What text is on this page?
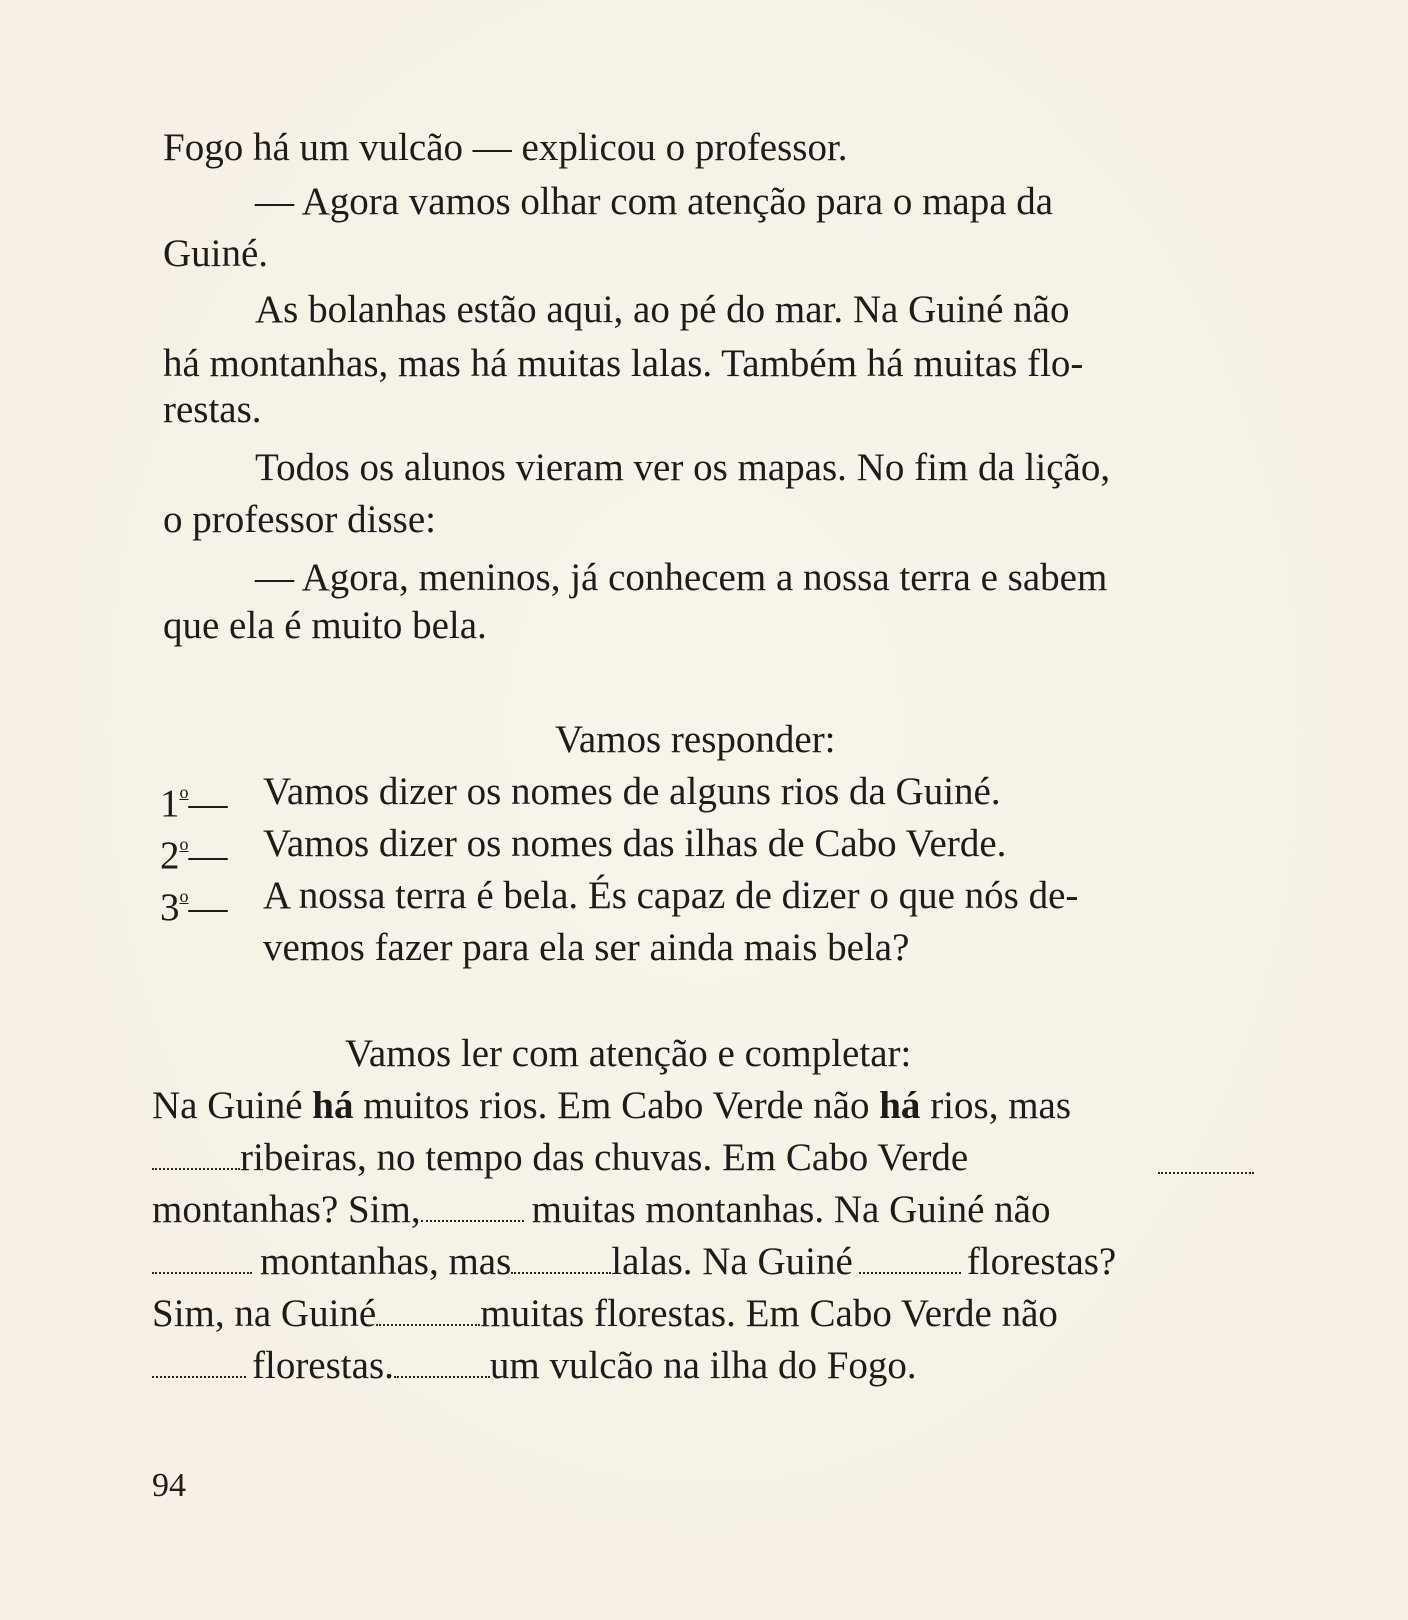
Fogo há um vulcão — explicou o professor.
— Agora vamos olhar com atenção para o mapa da
Guiné.
As bolanhas estão aqui, ao pé do mar. Na Guiné não
há montanhas, mas há muitas lalas. Também há muitas flo-
restas.
Todos os alunos vieram ver os mapas. No fim da lição,
o professor disse:
— Agora, meninos, já conhecem a nossa terra e sabem
que ela é muito bela.
Vamos responder:
1$^o$— Vamos dizer os nomes de alguns rios da Guiné.
2$^o$— Vamos dizer os nomes das ilhas de Cabo Verde.
3$^o$— A nossa terra é bela. És capaz de dizer o que nós de-
vemos fazer para ela ser ainda mais bela?
Vamos ler com atenção e completar:
Na Guiné há muitos rios. Em Cabo Verde não há rios, mas
ribeiras, no tempo das chuvas. Em Cabo Verde
montanhas? Sim,	muitas montanhas. Na Guiné não
montanhas, mas	lalas. Na Guiné	florestas?
Sim, na Guiné	muitas florestas. Em Cabo Verde não
florestas. um vulcão na ilha do Fogo.
94
